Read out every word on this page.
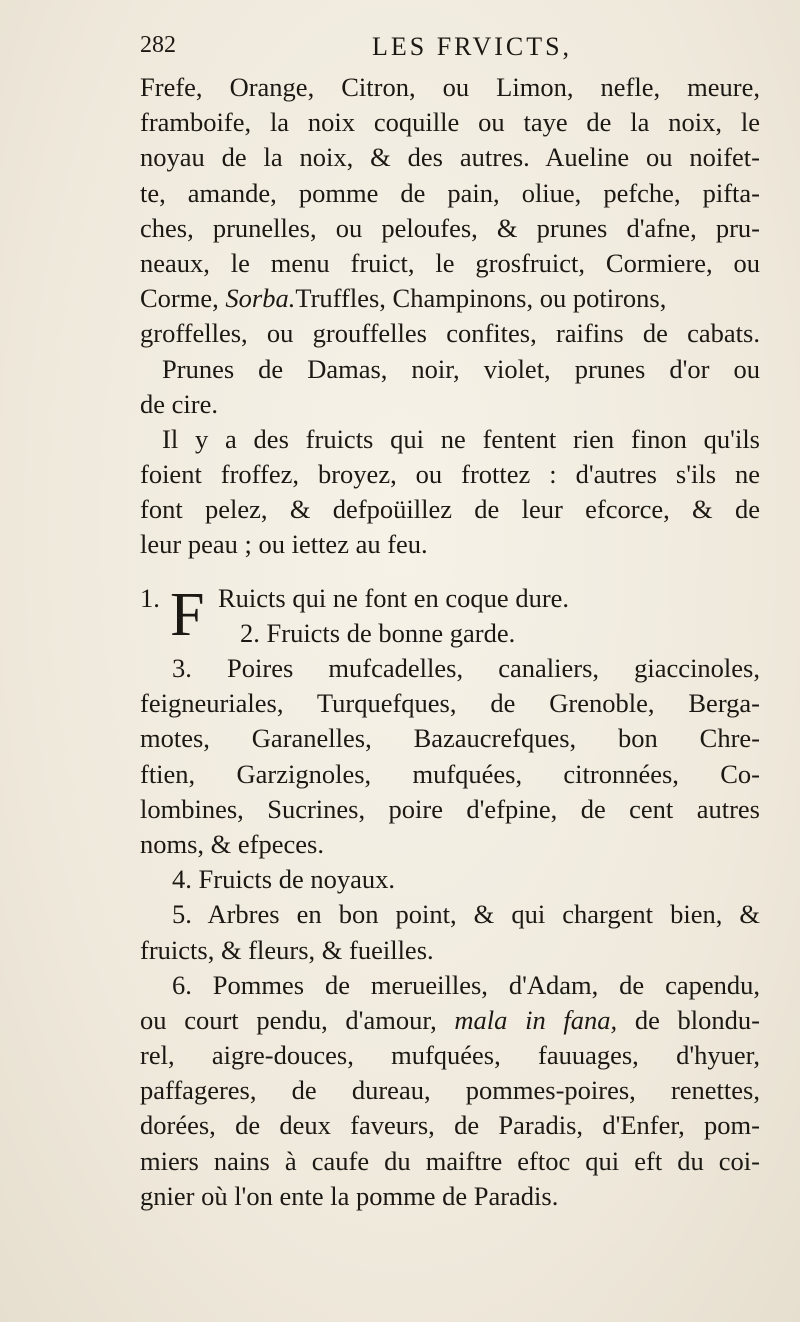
282	LES FRVICTS,
Frefe, Orange, Citron, ou Limon, nefle, meure,
framboife, la noix coquille ou taye de la noix, le
noyau de la noix, & des autres. Aueline ou noifet-
te, amande, pomme de pain, oliue, pefche, pifta-
ches, prunelles, ou peloufes, & prunes d'afne, pru-
neaux, le menu fruict, le grosfruict, Cormiere, ou
Corme, Sorba.Truffles, Champinons, ou potirons,
groffelles, ou grouffelles confites, raifins de cabats.
Prunes de Damas, noir, violet, prunes d'or ou
de cire.
Il y a des fruicts qui ne fentent rien finon qu'ils
foient froffez, broyez, ou frottez : d'autres s'ils ne
font pelez, & defpoüillez de leur efcorce, & de
leur peau ; ou iettez au feu.
F
1. Ruicts qui ne font en coque dure.
2. Fruicts de bonne garde.
3. Poires mufcadelles, canaliers, giaccinoles,
feigneuriales, Turquefques, de Grenoble, Berga-
motes, Garanelles, Bazaucrefques, bon Chre-
ftien, Garzignoles, mufquées, citronnées, Co-
lombines, Sucrines, poire d'efpine, de cent autres
noms, & efpeces.
4. Fruicts de noyaux.
5. Arbres en bon point, & qui chargent bien, &
fruicts, & fleurs, & fueilles.
6. Pommes de merueilles, d'Adam, de capendu,
ou court pendu, d'amour, mala in fana, de blondu-
rel, aigre-douces, mufquées, fauuages, d'hyuer,
paffageres, de dureau, pommes-poires, renettes,
dorées, de deux faveurs, de Paradis, d'Enfer, pom-
miers nains à caufe du maiftre eftoc qui eft du coi-
gnier où l'on ente la pomme de Paradis.
